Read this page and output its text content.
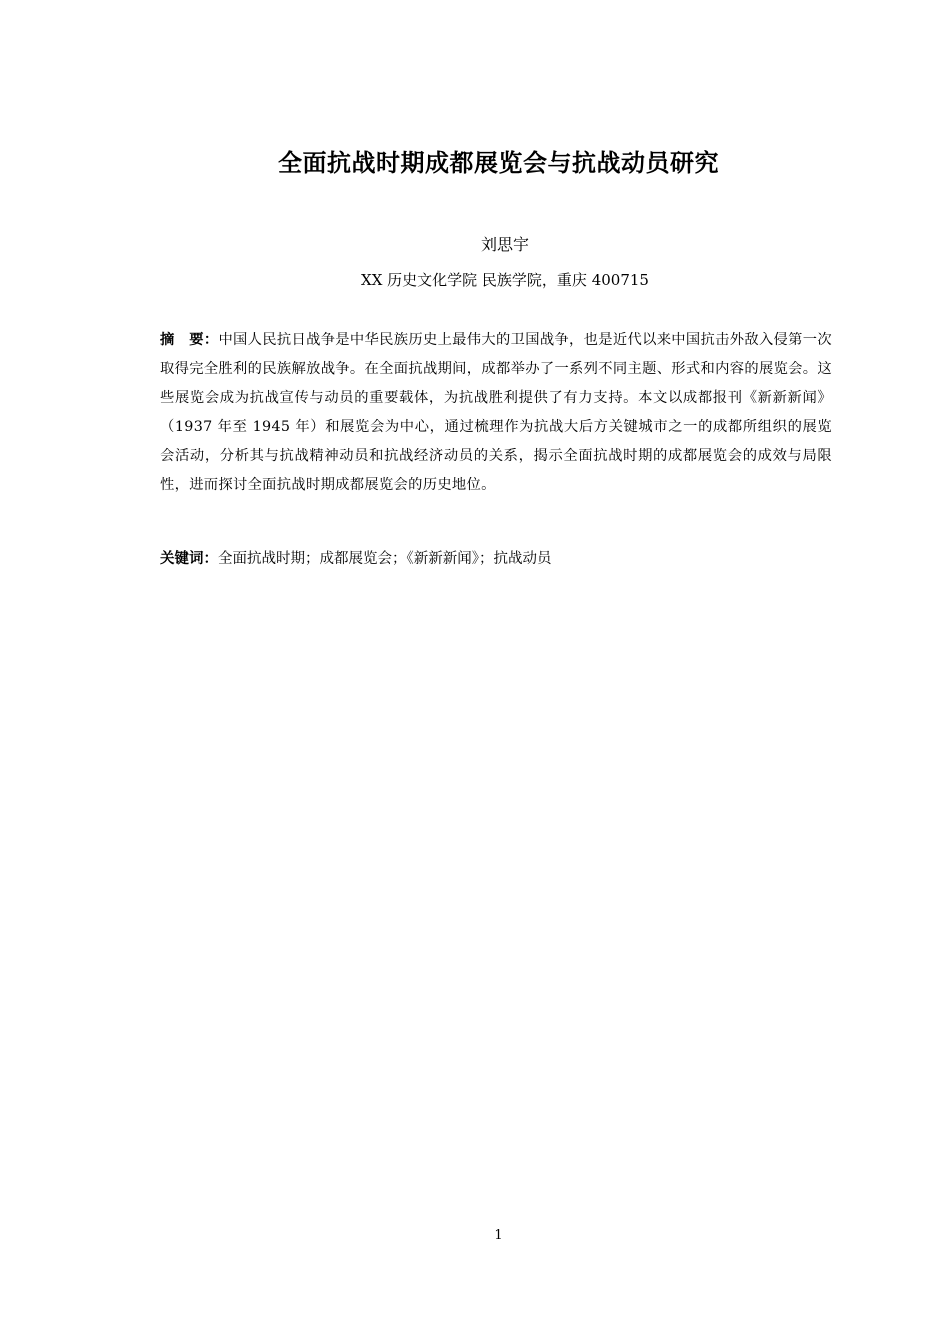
全面抗战时期成都展览会与抗战动员研究
刘思宇
XX 历史文化学院 民族学院，重庆 400715
摘　要：中国人民抗日战争是中华民族历史上最伟大的卫国战争，也是近代以来中国抗击外敌入侵第一次取得完全胜利的民族解放战争。在全面抗战期间，成都举办了一系列不同主题、形式和内容的展览会。这些展览会成为抗战宣传与动员的重要载体，为抗战胜利提供了有力支持。本文以成都报刊《新新新闻》（1937 年至 1945 年）和展览会为中心，通过梳理作为抗战大后方关键城市之一的成都所组织的展览会活动，分析其与抗战精神动员和抗战经济动员的关系，揭示全面抗战时期的成都展览会的成效与局限性，进而探讨全面抗战时期成都展览会的历史地位。
关键词：全面抗战时期；成都展览会；《新新新闻》；抗战动员
1
